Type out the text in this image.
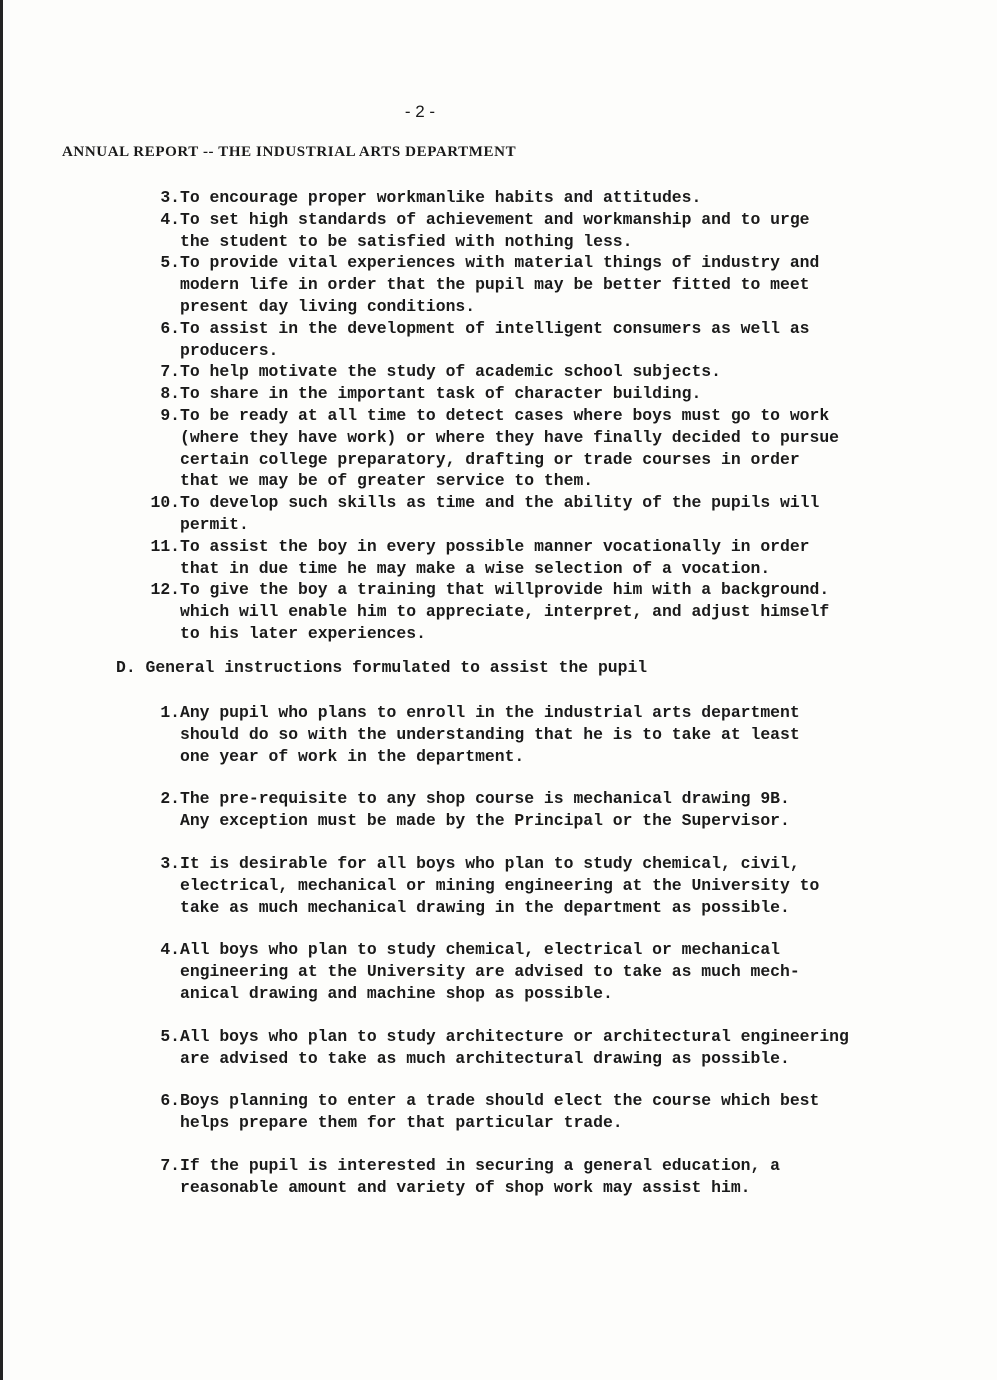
- 2 -
ANNUAL REPORT -- THE INDUSTRIAL ARTS DEPARTMENT
3. To encourage proper workmanlike habits and attitudes.
4. To set high standards of achievement and workmanship and to urge
the student to be satisfied with nothing less.
5. To provide vital experiences with material things of industry and
modern life in order that the pupil may be better fitted to meet
present day living conditions.
6. To assist in the development of intelligent consumers as well as
producers.
7. To help motivate the study of academic school subjects.
8. To share in the important task of character building.
9. To be ready at all time to detect cases where boys must go to work
(where they have work) or where they have finally decided to pursue
certain college preparatory, drafting or trade courses in order
that we may be of greater service to them.
10. To develop such skills as time and the ability of the pupils will
permit.
11. To assist the boy in every possible manner vocationally in order
that in due time he may make a wise selection of a vocation.
12. To give the boy a training that willprovide him with a background.
which will enable him to appreciate, interpret, and adjust himself
to his later experiences.
D. General instructions formulated to assist the pupil
1. Any pupil who plans to enroll in the industrial arts department
should do so with the understanding that he is to take at least
one year of work in the department.
2. The pre-requisite to any shop course is mechanical drawing 9B.
Any exception must be made by the Principal or the Supervisor.
3. It is desirable for all boys who plan to study chemical, civil,
electrical, mechanical or mining engineering at the University to
take as much mechanical drawing in the department as possible.
4. All boys who plan to study chemical, electrical or mechanical
engineering at the University are advised to take as much mech-
anical drawing and machine shop as possible.
5. All boys who plan to study architecture or architectural engineering
are advised to take as much architectural drawing as possible.
6. Boys planning to enter a trade should elect the course which best
helps prepare them for that particular trade.
7. If the pupil is interested in securing a general education, a
reasonable amount and variety of shop work may assist him.
